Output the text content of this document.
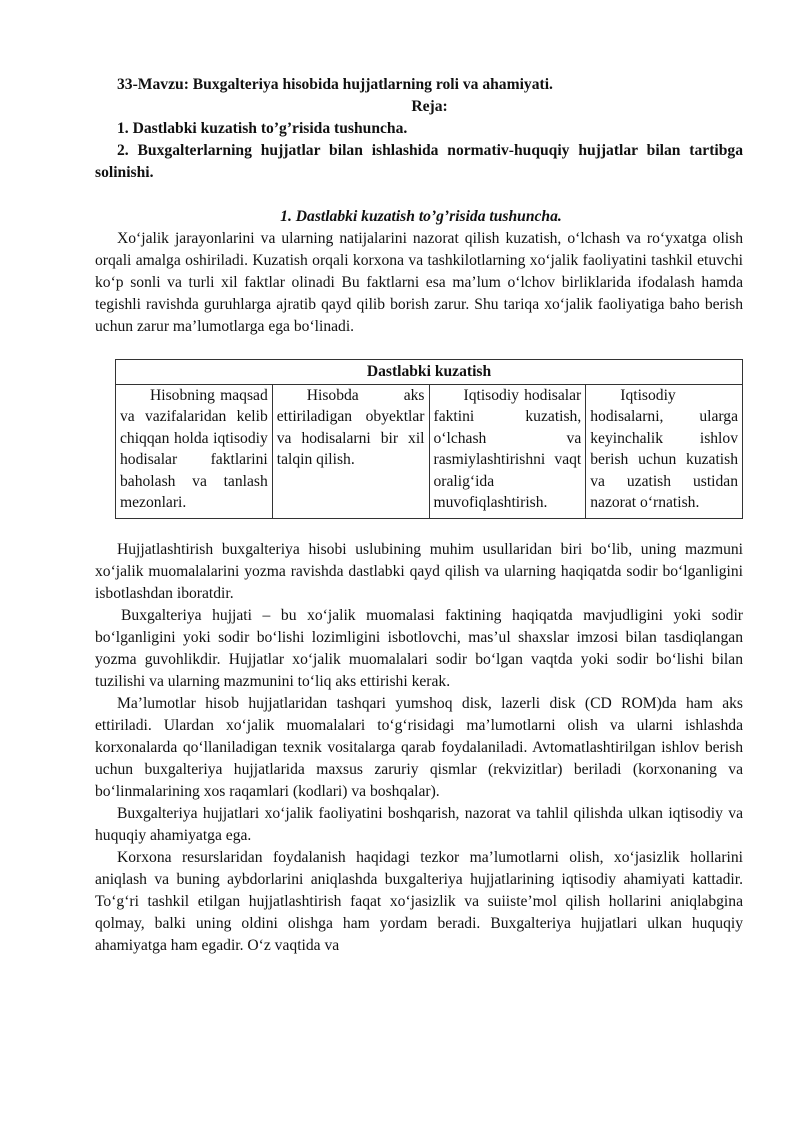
33-Mavzu: Buxgalteriya hisobida hujjatlarning roli va ahamiyati.
Reja:
1. Dastlabki kuzatish to’g’risida tushuncha.
2. Buxgalterlarning hujjatlar bilan ishlashida normativ-huquqiy hujjatlar bilan tartibga solinishi.
1. Dastlabki kuzatish to’g’risida tushuncha.

Xo‘jalik jarayonlarini va ularning natijalarini nazorat qilish kuzatish, o‘lchash va ro‘yxatga olish orqali amalga oshiriladi. Kuzatish orqali korxona va tashkilotlarning xo‘jalik faoliyatini tashkil etuvchi ko‘p sonli va turli xil faktlar olinadi Bu faktlarni esa ma’lum o‘lchov birliklarida ifodalash hamda tegishli ravishda guruhlarga ajratib qayd qilib borish zarur. Shu tariqa xo‘jalik faoliyatiga baho berish uchun zarur ma’lumotlarga ega bo‘linadi.

Dastlabki kuzatish
Hisobning maqsad va vazifalaridan kelib chiqqan holda iqtisodiy hodisalar faktlarini baholash va tanlash mezonlari.	Hisobda aks ettiriladigan obyektlar va hodisalarni bir xil talqin qilish.	Iqtisodiy hodisalar faktini kuzatish, o‘lchash va rasmiylashtirishni vaqt oralig‘ida muvofiqlashtirish.	Iqtisodiy hodisalarni, ularga keyinchalik ishlov berish uchun kuzatish va uzatish ustidan nazorat o‘rnatish.

Hujjatlashtirish buxgalteriya hisobi uslubining muhim usullaridan biri bo‘lib, uning mazmuni xo‘jalik muomalalarini yozma ravishda dastlabki qayd qilish va ularning haqiqatda sodir bo‘lganligini isbotlashdan iboratdir.

Buxgalteriya hujjati – bu xo‘jalik muomalasi faktining haqiqatda mavjudligini yoki sodir bo‘lganligini yoki sodir bo‘lishi lozimligini isbotlovchi, mas’ul shaxslar imzosi bilan tasdiqlangan yozma guvohlikdir. Hujjatlar xo‘jalik muomalalari sodir bo‘lgan vaqtda yoki sodir bo‘lishi bilan tuzilishi va ularning mazmunini to‘liq aks ettirishi kerak.

Ma’lumotlar hisob hujjatlaridan tashqari yumshoq disk, lazerli disk (CD ROM)da ham aks ettiriladi. Ulardan xo‘jalik muomalalari to‘g‘risidagi ma’lumotlarni olish va ularni ishlashda korxonalarda qo‘llaniladigan texnik vositalarga qarab foydalaniladi. Avtomatlashtirilgan ishlov berish uchun buxgalteriya hujjatlarida maxsus zaruriy qismlar (rekvizitlar) beriladi (korxonaning va bo‘linmalarining xos raqamlari (kodlari) va boshqalar).

Buxgalteriya hujjatlari xo‘jalik faoliyatini boshqarish, nazorat va tahlil qilishda ulkan iqtisodiy va huquqiy ahamiyatga ega.

Korxona resurslaridan foydalanish haqidagi tezkor ma’lumotlarni olish, xo‘jasizlik hollarini aniqlash va buning aybdorlarini aniqlashda buxgalteriya hujjatlarining iqtisodiy ahamiyati kattadir. To‘g‘ri tashkil etilgan hujjatlashtirish faqat xo‘jasizlik va suiiste’mol qilish hollarini aniqlabgina qolmay, balki uning oldini olishga ham yordam beradi. Buxgalteriya hujjatlari ulkan huquqiy ahamiyatga ham egadir. O‘z vaqtida va
